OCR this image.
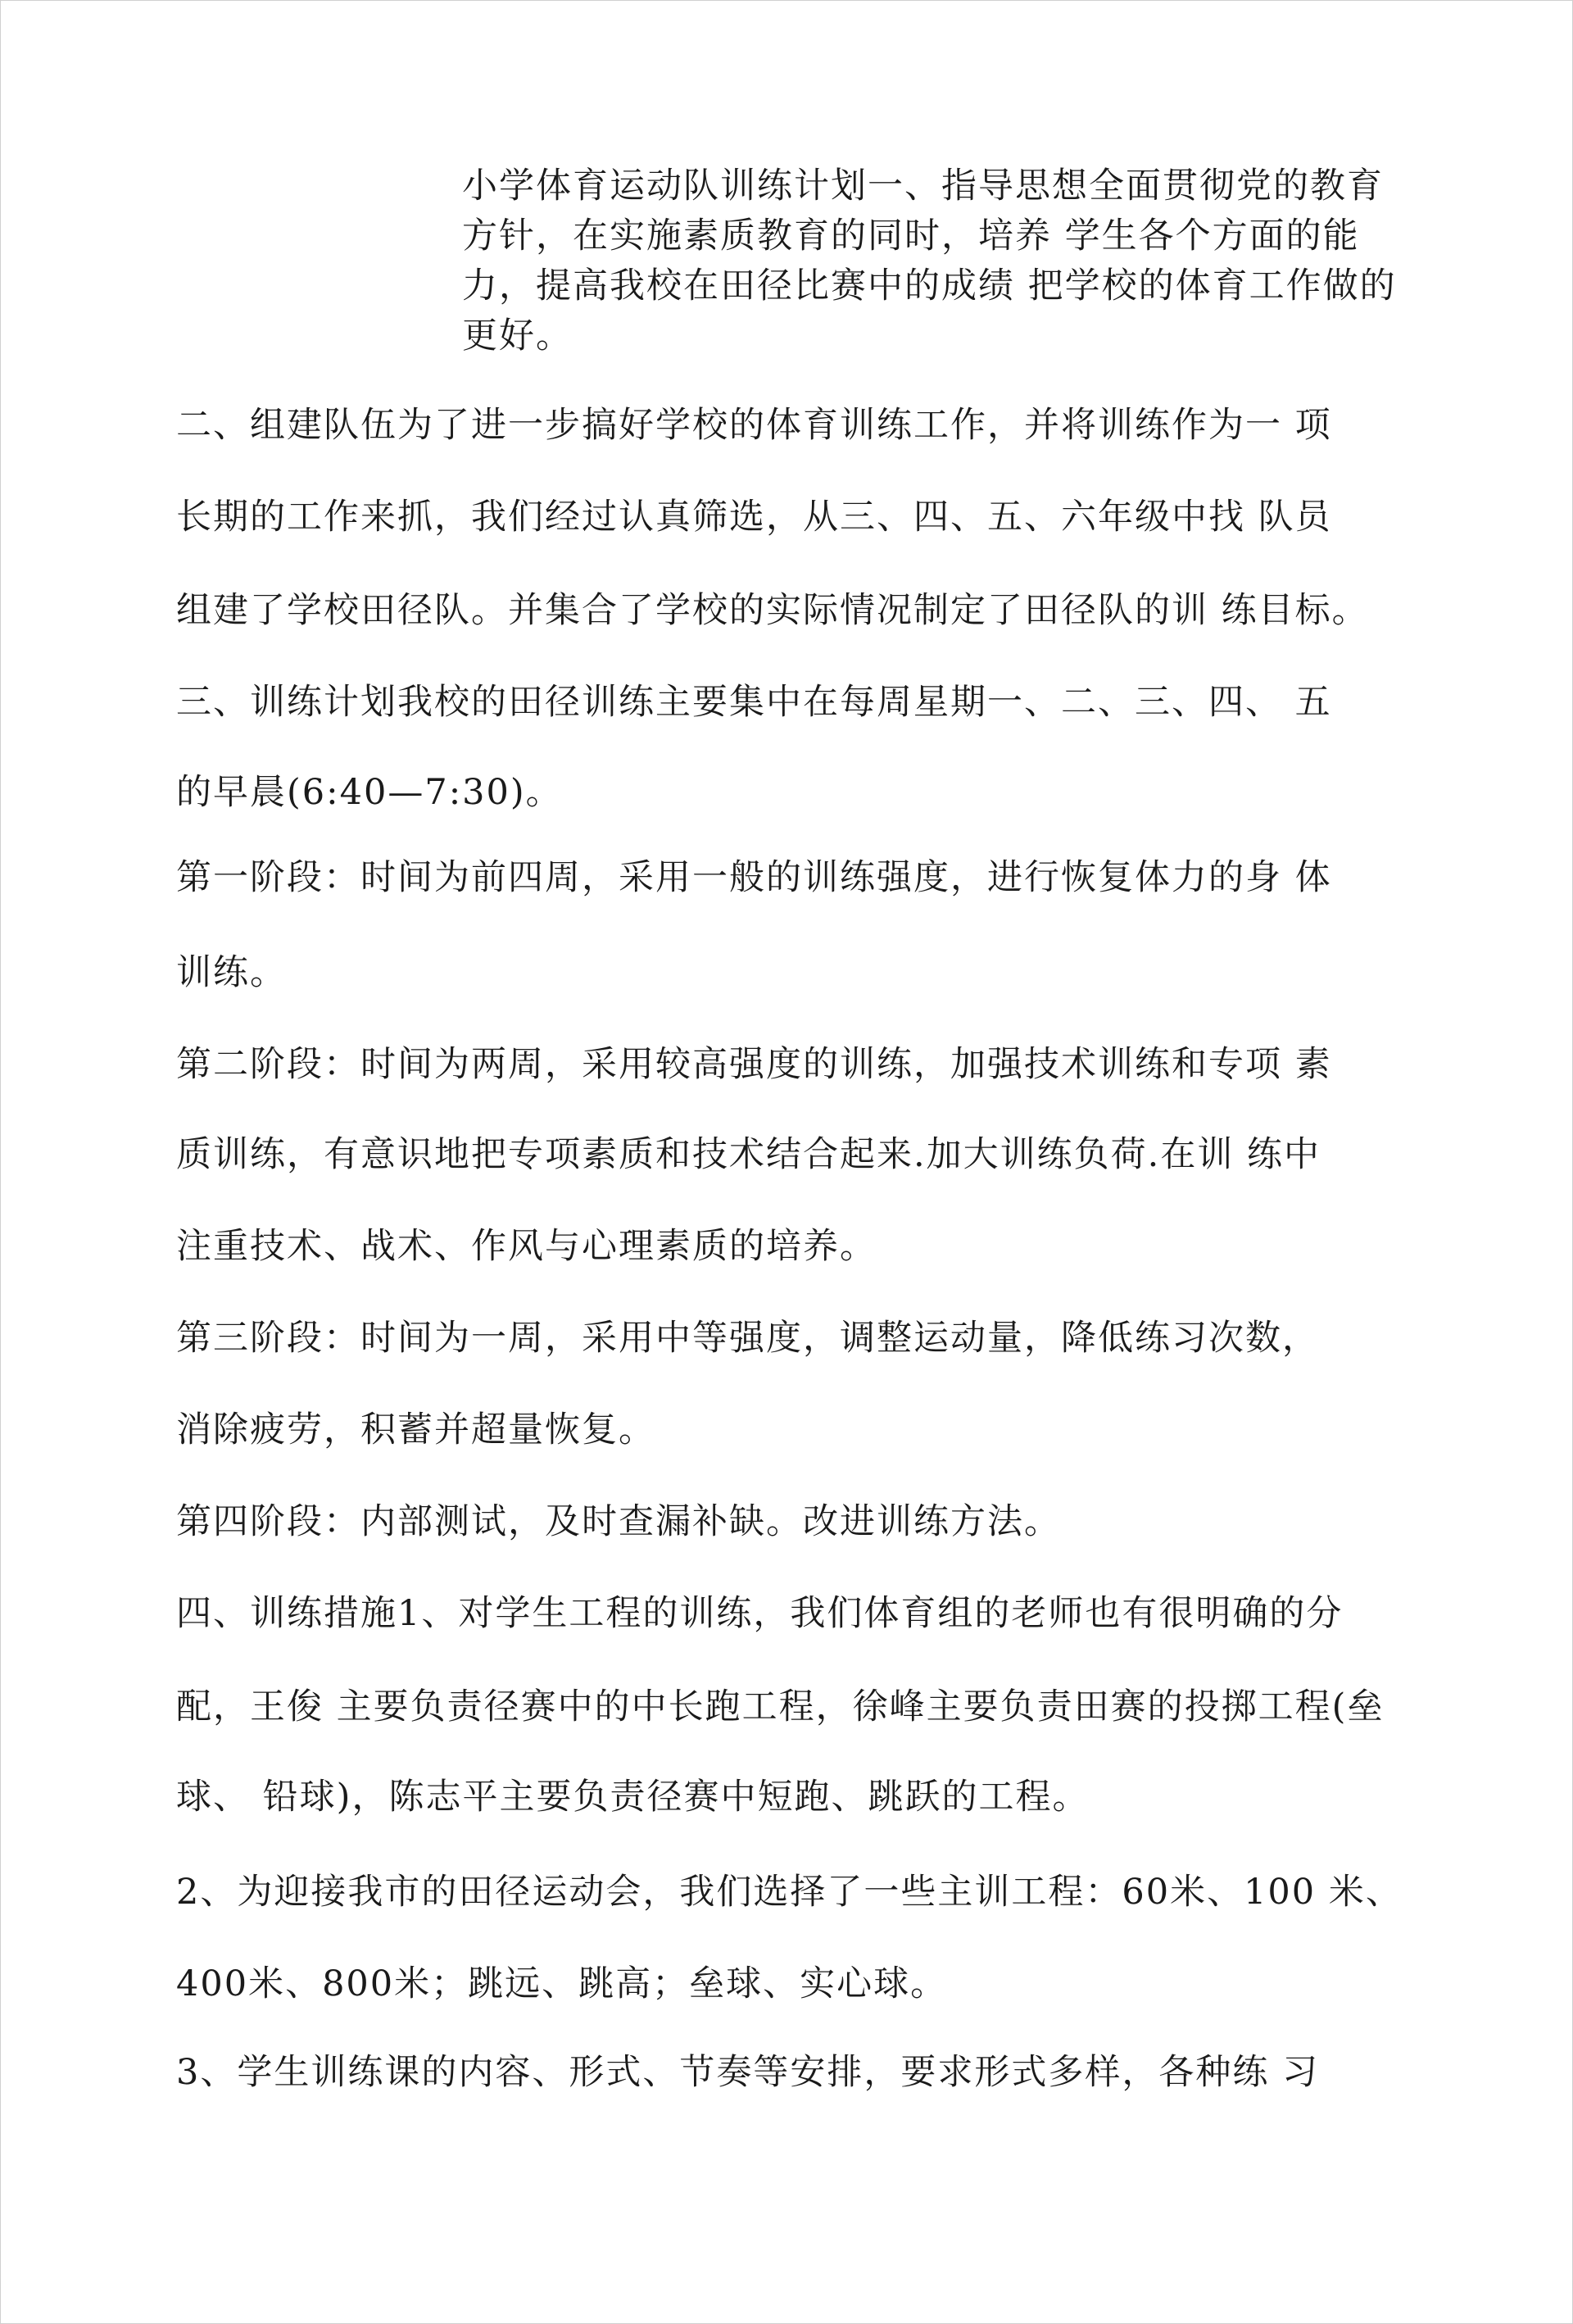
小学体育运动队训练计划一、指导思想全面贯彻党的教育方针，在实施素质教育的同时，培养 学生各个方面的能力，提高我校在田径比赛中的成绩 把学校的体育工作做的更好。
二、组建队伍为了进一步搞好学校的体育训练工作，并将训练作为一 项
长期的工作来抓，我们经过认真筛选，从三、四、五、六年级中找 队员
组建了学校田径队。并集合了学校的实际情况制定了田径队的训 练目标。
三、训练计划我校的田径训练主要集中在每周星期一、二、三、四、 五
的早晨(6:40—7:30)。
第一阶段：时间为前四周，采用一般的训练强度，进行恢复体力的身 体
训练。
第二阶段：时间为两周，采用较高强度的训练，加强技术训练和专项 素
质训练，有意识地把专项素质和技术结合起来.加大训练负荷.在训 练中
注重技术、战术、作风与心理素质的培养。
第三阶段：时间为一周，采用中等强度，调整运动量，降低练习次数，
消除疲劳，积蓄并超量恢复。
第四阶段：内部测试，及时查漏补缺。改进训练方法。
四、训练措施1、对学生工程的训练，我们体育组的老师也有很明确的分
配，王俊 主要负责径赛中的中长跑工程，徐峰主要负责田赛的投掷工程(垒
球、 铅球)，陈志平主要负责径赛中短跑、跳跃的工程。
2、为迎接我市的田径运动会，我们选择了一些主训工程：60米、100 米、
400米、800米；跳远、跳高；垒球、实心球。
3、学生训练课的内容、形式、节奏等安排，要求形式多样，各种练 习
